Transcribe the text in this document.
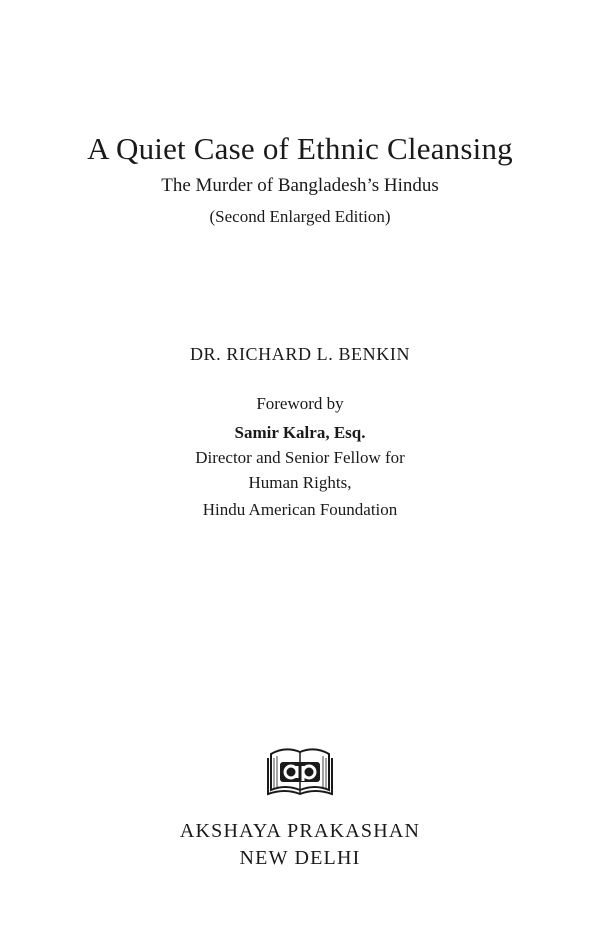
A Quiet Case of Ethnic Cleansing
The Murder of Bangladesh’s Hindus
(Second Enlarged Edition)
DR. RICHARD L. BENKIN
Foreword by
Samir Kalra, Esq.
Director and Senior Fellow for
Human Rights,
Hindu American Foundation
AKSHAYA PRAKASHAN
NEW DELHI
